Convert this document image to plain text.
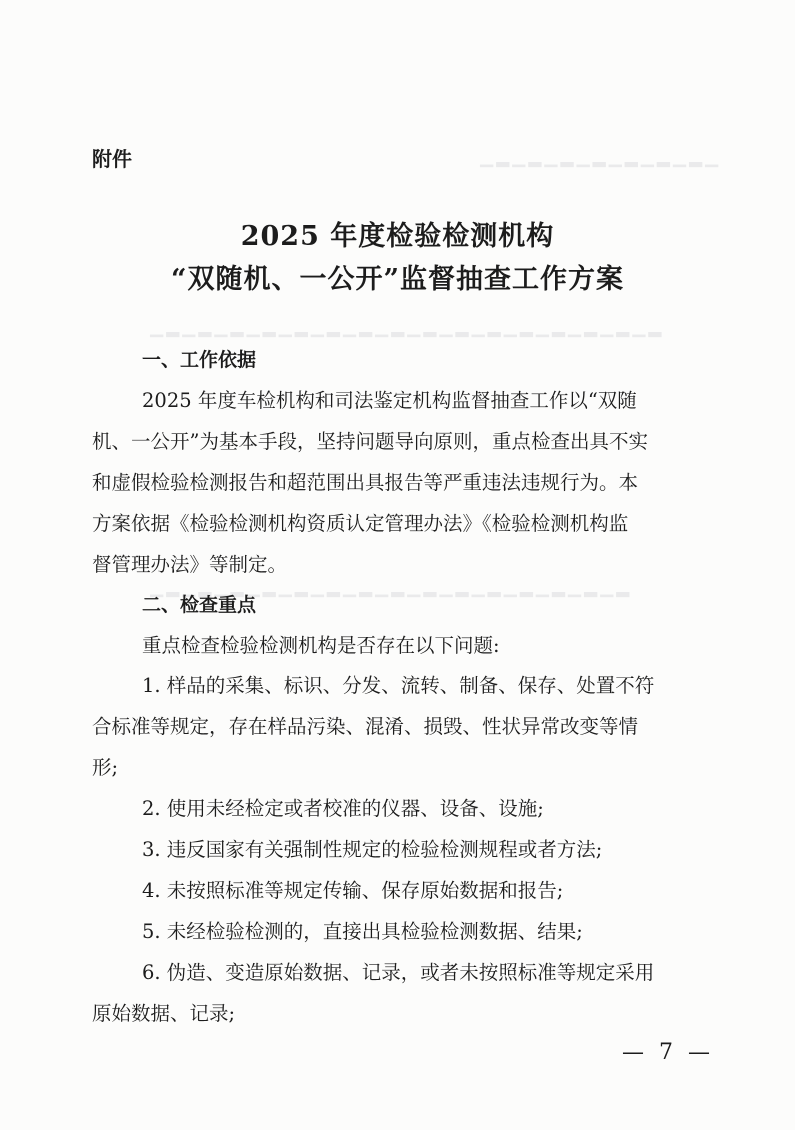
▁▂▁▂▁▂▁▂▁▂▁▂▁▂▁
▁▂▁▂▁▂▁▂▁▂▁▂▁▂▁▂▁▂▁▂▁▂▁▂▁▂▁▂▁▂▁▂
▁▂▁▂▁▂▁▂▁▂▁▂▁▂▁▂▁▂▁▂▁▂▁▂▁▂▁▂▁▂
附件
2025 年度检验检测机构
“双随机、一公开”监督抽查工作方案
一、工作依据
2025 年度车检机构和司法鉴定机构监督抽查工作以“双随
机、一公开”为基本手段，坚持问题导向原则，重点检查出具不实
和虚假检验检测报告和超范围出具报告等严重违法违规行为。本
方案依据《检验检测机构资质认定管理办法》《检验检测机构监
督管理办法》等制定。
二、检查重点
重点检查检验检测机构是否存在以下问题:
1. 样品的采集、标识、分发、流转、制备、保存、处置不符
合标准等规定，存在样品污染、混淆、损毁、性状异常改变等情
形;
2. 使用未经检定或者校准的仪器、设备、设施;
3. 违反国家有关强制性规定的检验检测规程或者方法;
4. 未按照标准等规定传输、保存原始数据和报告;
5. 未经检验检测的，直接出具检验检测数据、结果;
6. 伪造、变造原始数据、记录，或者未按照标准等规定采用
原始数据、记录;
— 7 —
